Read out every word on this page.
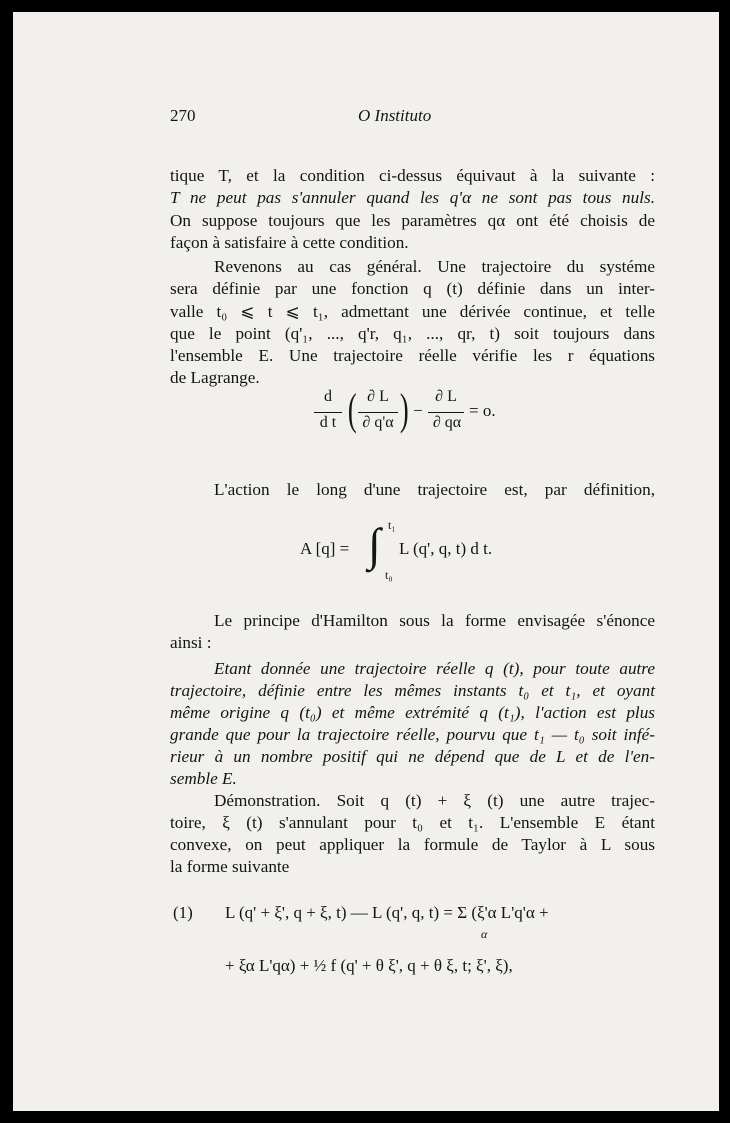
270	O Instituto
tique T, et la condition ci-dessus équivaut à la suivante :
T ne peut pas s'annuler quand les q'α ne sont pas tous nuls.
On suppose toujours que les paramètres qα ont été choisis de
façon à satisfaire à cette condition.
Revenons au cas général. Une trajectoire du systéme
sera définie par une fonction q (t) définie dans un inter-
valle t₀ ⩽ t ⩽ t₁, admettant une dérivée continue, et telle
que le point (q'₁, ..., q'r, q₁, ..., qr, t) soit toujours dans
l'ensemble E. Une trajectoire réelle vérifie les r équations
de Lagrange.
d
d t ( ∂ L
∂ q'α ) −
∂ L
∂ qα
= o.
L'action le long d'une trajectoire est, par définition,
A [q] = ∫ t₁
t₀
L (q', q, t) d t.
Le principe d'Hamilton sous la forme envisagée s'énonce
ainsi :
Etant donnée une trajectoire réelle q (t), pour toute autre
trajectoire, définie entre les mêmes instants t₀ et t₁, et oyant
même origine q (t₀) et même extrémité q (t₁), l'action est plus
grande que pour la trajectoire réelle, pourvu que t₁ — t₀ soit infé-
rieur à un nombre positif qui ne dépend que de L et de l'en-
semble E.
Démonstration. Soit q (t) + ξ (t) une autre trajec-
toire, ξ (t) s'annulant pour t₀ et t₁. L'ensemble E étant
convexe, on peut appliquer la formule de Taylor à L sous
la forme suivante
(1) L (q' + ξ', q + ξ, t) — L (q', q, t) = Σ (ξ'α L'q'α +
α
+ ξα L'qα) + ½ f (q' + θ ξ', q + θ ξ, t; ξ', ξ),
